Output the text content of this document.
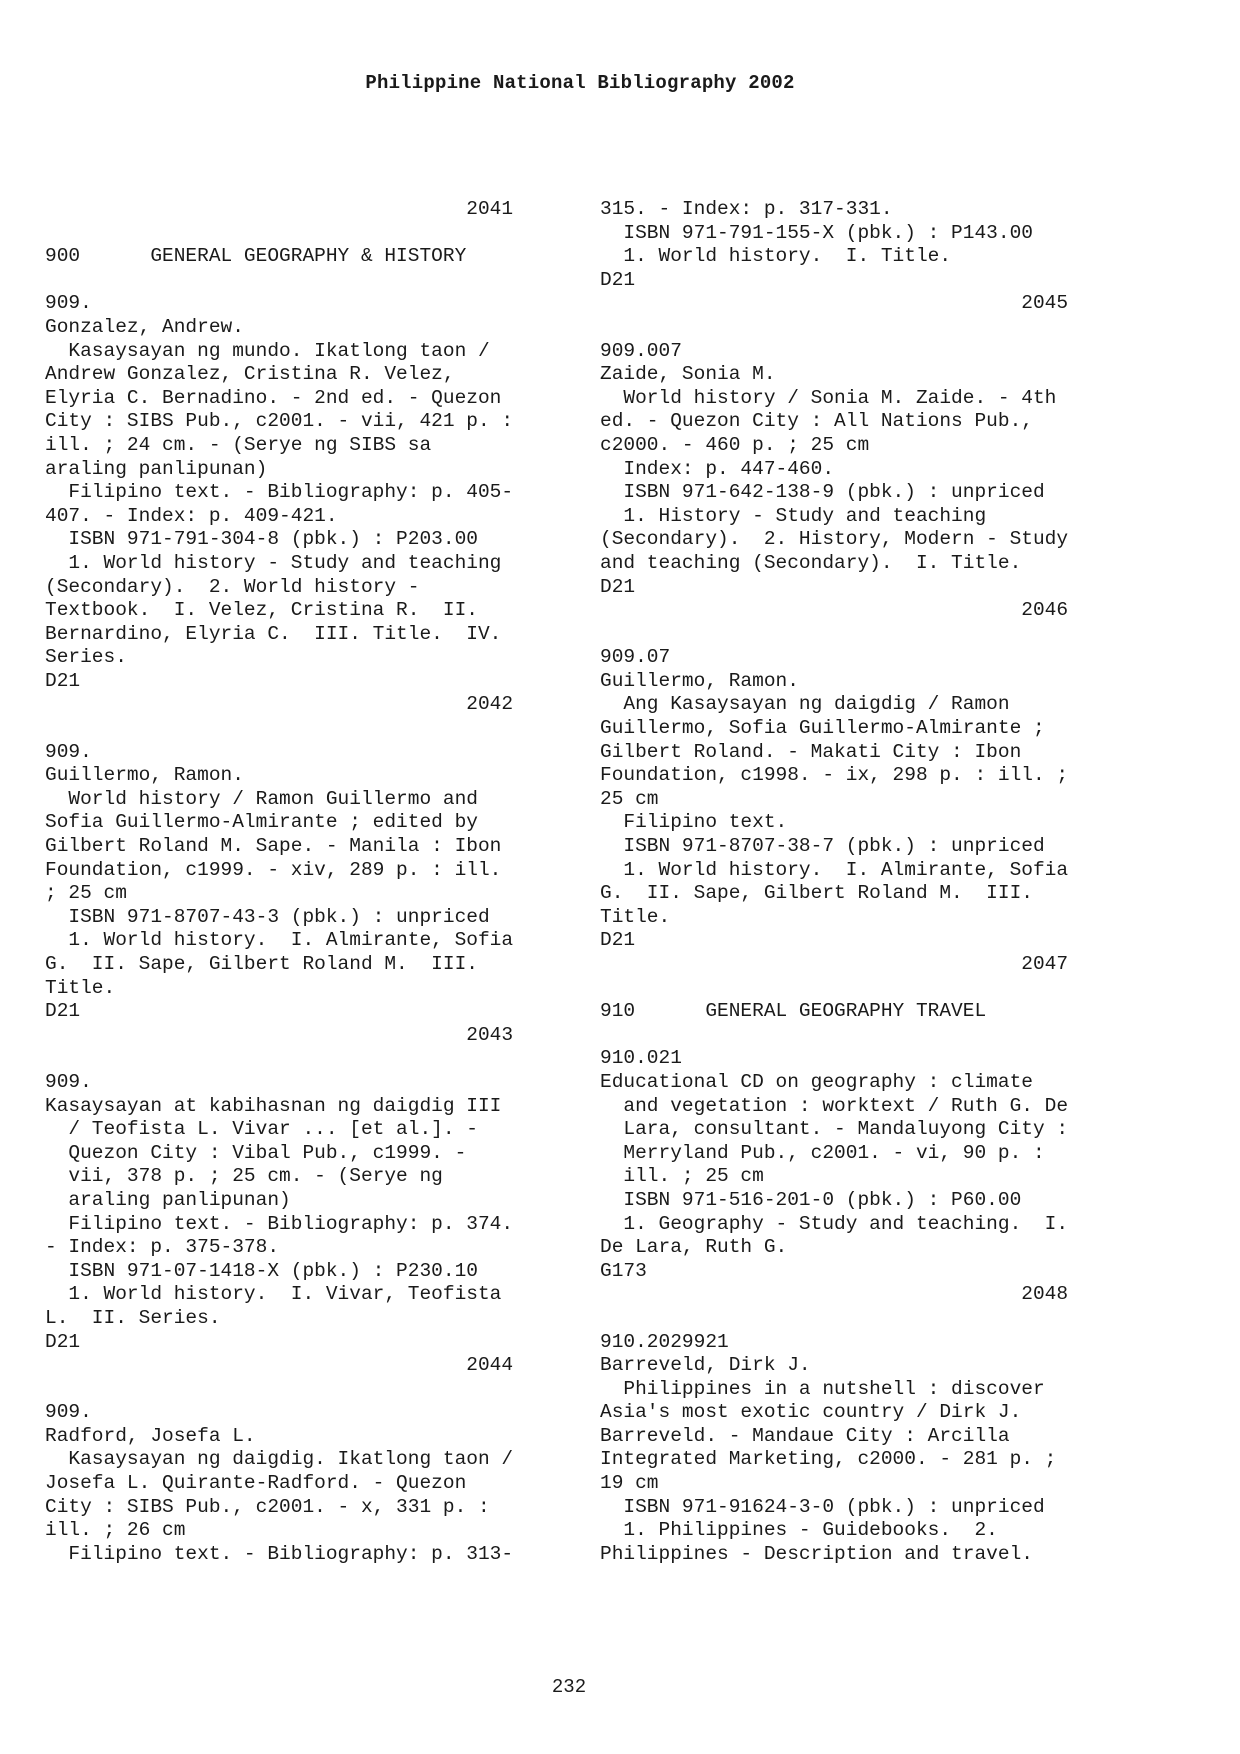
Philippine National Bibliography 2002
2041
900      GENERAL GEOGRAPHY & HISTORY
909.
Gonzalez, Andrew.
Kasaysayan ng mundo. Ikatlong taon /
Andrew Gonzalez, Cristina R. Velez,
Elyria C. Bernadino. - 2nd ed. - Quezon
City : SIBS Pub., c2001. - vii, 421 p. :
ill. ; 24 cm. - (Serye ng SIBS sa
araling panlipunan)
Filipino text. - Bibliography: p. 405-
407. - Index: p. 409-421.
ISBN 971-791-304-8 (pbk.) : P203.00
1. World history - Study and teaching
(Secondary).  2. World history -
Textbook.  I. Velez, Cristina R.  II.
Bernardino, Elyria C.  III. Title.  IV.
Series.
D21
2042
909.
Guillermo, Ramon.
World history / Ramon Guillermo and
Sofia Guillermo-Almirante ; edited by
Gilbert Roland M. Sape. - Manila : Ibon
Foundation, c1999. - xiv, 289 p. : ill.
; 25 cm
ISBN 971-8707-43-3 (pbk.) : unpriced
1. World history.  I. Almirante, Sofia
G.  II. Sape, Gilbert Roland M.  III.
Title.
D21
2043
909.
Kasaysayan at kabihasnan ng daigdig III
/ Teofista L. Vivar ... [et al.]. -
Quezon City : Vibal Pub., c1999. -
vii, 378 p. ; 25 cm. - (Serye ng
araling panlipunan)
Filipino text. - Bibliography: p. 374.
- Index: p. 375-378.
ISBN 971-07-1418-X (pbk.) : P230.10
1. World history.  I. Vivar, Teofista
L.  II. Series.
D21
2044
909.
Radford, Josefa L.
Kasaysayan ng daigdig. Ikatlong taon /
Josefa L. Quirante-Radford. - Quezon
City : SIBS Pub., c2001. - x, 331 p. :
ill. ; 26 cm
Filipino text. - Bibliography: p. 313-
315. - Index: p. 317-331.
ISBN 971-791-155-X (pbk.) : P143.00
1. World history.  I. Title.
D21
2045
909.007
Zaide, Sonia M.
World history / Sonia M. Zaide. - 4th
ed. - Quezon City : All Nations Pub.,
c2000. - 460 p. ; 25 cm
Index: p. 447-460.
ISBN 971-642-138-9 (pbk.) : unpriced
1. History - Study and teaching
(Secondary).  2. History, Modern - Study
and teaching (Secondary).  I. Title.
D21
2046
909.07
Guillermo, Ramon.
Ang Kasaysayan ng daigdig / Ramon
Guillermo, Sofia Guillermo-Almirante ;
Gilbert Roland. - Makati City : Ibon
Foundation, c1998. - ix, 298 p. : ill. ;
25 cm
Filipino text.
ISBN 971-8707-38-7 (pbk.) : unpriced
1. World history.  I. Almirante, Sofia
G.  II. Sape, Gilbert Roland M.  III.
Title.
D21
2047
910      GENERAL GEOGRAPHY TRAVEL
910.021
Educational CD on geography : climate
and vegetation : worktext / Ruth G. De
Lara, consultant. - Mandaluyong City :
Merryland Pub., c2001. - vi, 90 p. :
ill. ; 25 cm
ISBN 971-516-201-0 (pbk.) : P60.00
1. Geography - Study and teaching.  I.
De Lara, Ruth G.
G173
2048
910.2029921
Barreveld, Dirk J.
Philippines in a nutshell : discover
Asia's most exotic country / Dirk J.
Barreveld. - Mandaue City : Arcilla
Integrated Marketing, c2000. - 281 p. ;
19 cm
ISBN 971-91624-3-0 (pbk.) : unpriced
1. Philippines - Guidebooks.  2.
Philippines - Description and travel.
232
